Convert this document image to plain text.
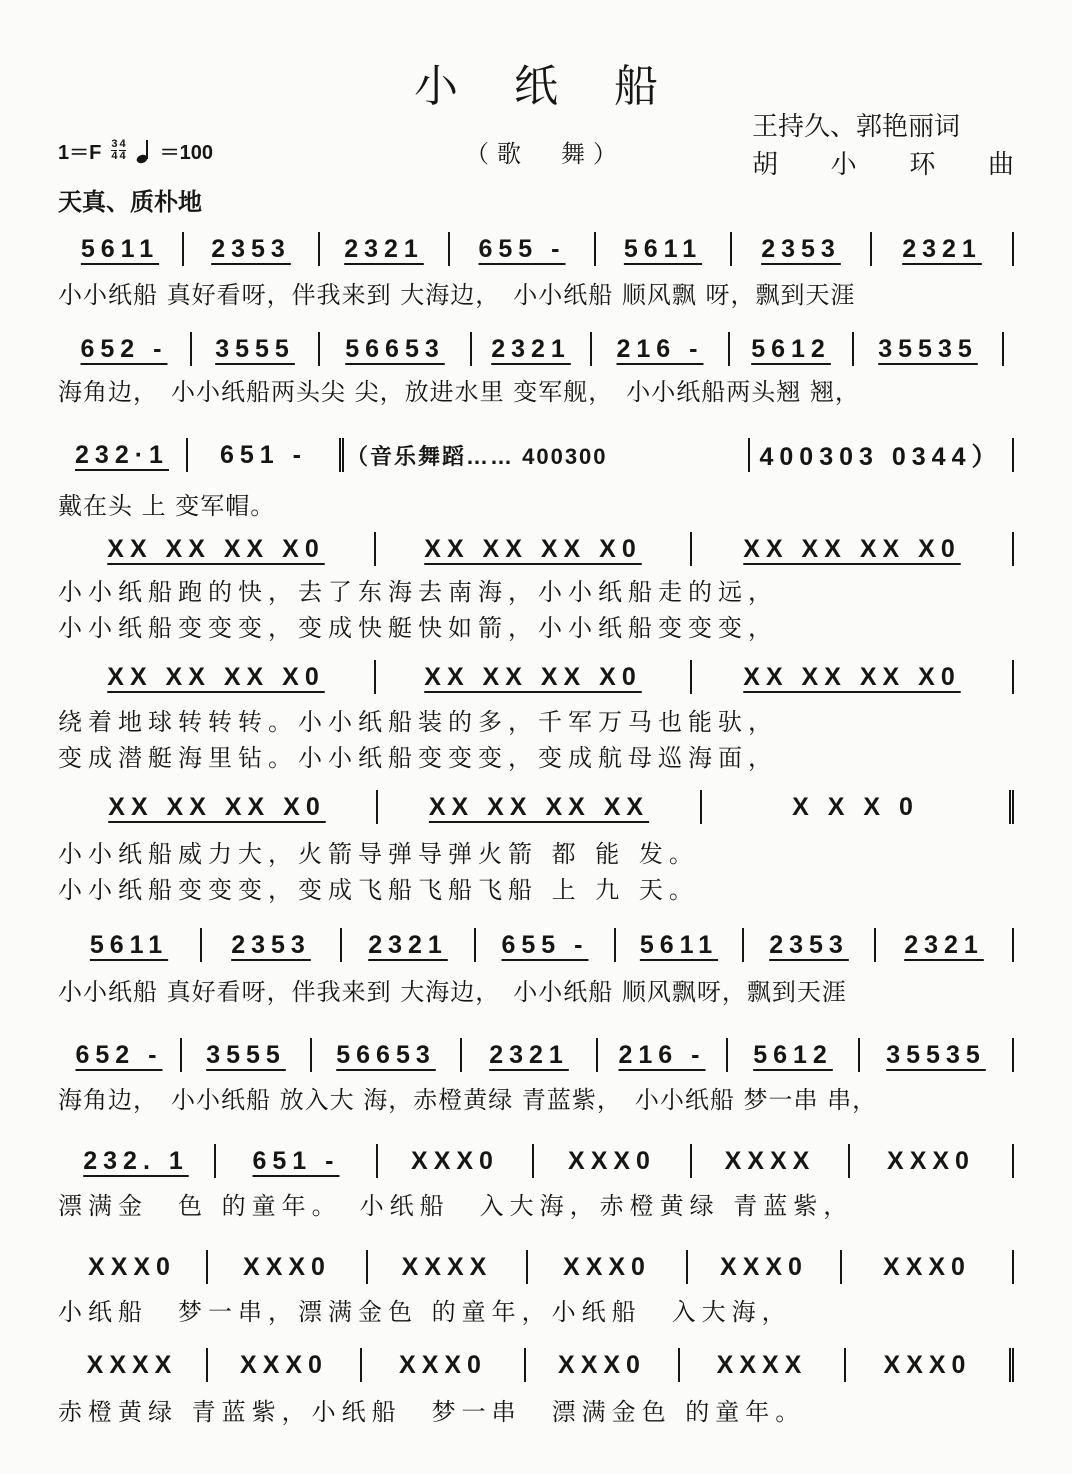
小纸船
王持久、郭艳丽词
胡 小 环 曲
$1=F \frac{3}{4} \frac{4}{4} =100$	（歌　舞）
天真、质朴地
5611	2353	2321	655 -	5611	2353	2321
小小纸船 真好看呀，伴我来到 大海边，　小小纸船 顺风飘 呀，飘到天涯
652 -	3555	56653	2321	216 -	5612	35535
海角边，　小小纸船两头尖 尖，放进水里 变军舰，　小小纸船两头翘 翘，
232·1	651 -	（音乐舞蹈…… 400300	400303 0344）
戴在头 上 变军帽。
XX XX XX X0	XX XX XX X0	XX XX XX X0
小小纸船跑的快，去了东海去南海，小小纸船走的远，
小小纸船变变变，变成快艇快如箭，小小纸船变变变，
XX XX XX X0	XX XX XX X0	XX XX XX X0
绕着地球转转转。小小纸船装的多，千军万马也能驮，
变成潜艇海里钻。小小纸船变变变，变成航母巡海面，
XX XX XX X0	XX XX XX XX	X X X 0
小小纸船威力大，火箭导弹导弹火箭 都 能 发。
小小纸船变变变，变成飞船飞船飞船 上 九 天。
5611	2353	2321	655 -	5611	2353	2321
小小纸船 真好看呀，伴我来到 大海边，　小小纸船 顺风飘呀，飘到天涯
652 -	3555	56653	2321	216 -	5612	35535
海角边，　小小纸船 放入大 海，赤橙黄绿 青蓝紫，　小小纸船 梦一串 串，
232. 1	651 -	XXX0	XXX0	XXXX	XXX0
漂满金　色 的童年。　小纸船　入大海，赤橙黄绿 青蓝紫，
XXX0	XXX0	XXXX	XXX0	XXX0	XXX0
小纸船　梦一串，漂满金色 的童年，小纸船　入大海，
XXXX	XXX0	XXX0	XXX0	XXXX	XXX0
赤橙黄绿 青蓝紫，小纸船　梦一串　漂满金色 的童年。
